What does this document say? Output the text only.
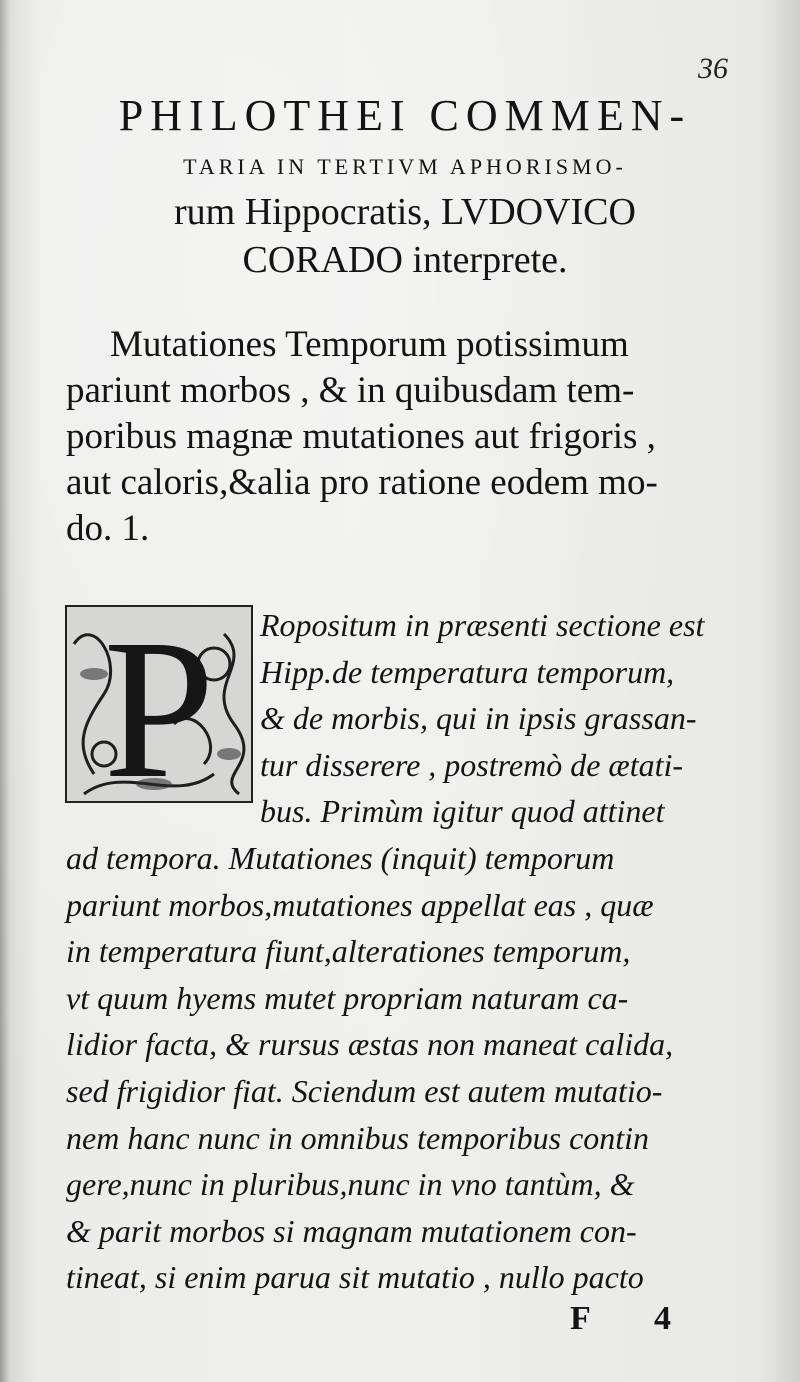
36
PHILOTHEI COMMEN-
TARIA IN TERTIVM APHORISMO-
rum Hippocratis, LVDOVICO
CORADO interprete.
Mutationes Temporum potissimum
pariunt morbos , & in quibusdam tem-
poribus magnæ mutationes aut frigoris ,
aut caloris,&alia pro ratione eodem mo-
do. 1.
P	Ropositum in præsenti sectione est
Hipp.de temperatura temporum,
& de morbis, qui in ipsis grassan-
tur disserere , postremò de ætati-
bus. Primùm igitur quod attinet
ad tempora. Mutationes (inquit) temporum
pariunt morbos,mutationes appellat eas , quæ
in temperatura fiunt,alterationes temporum,
vt quum hyems mutet propriam naturam ca-
lidior facta, & rursus æstas non maneat calida,
sed frigidior fiat. Sciendum est autem mutatio-
nem hanc nunc in omnibus temporibus contin
gere,nunc in pluribus,nunc in vno tantùm, &
& parit morbos si magnam mutationem con-
tineat, si enim parua sit mutatio , nullo pacto
F 4
